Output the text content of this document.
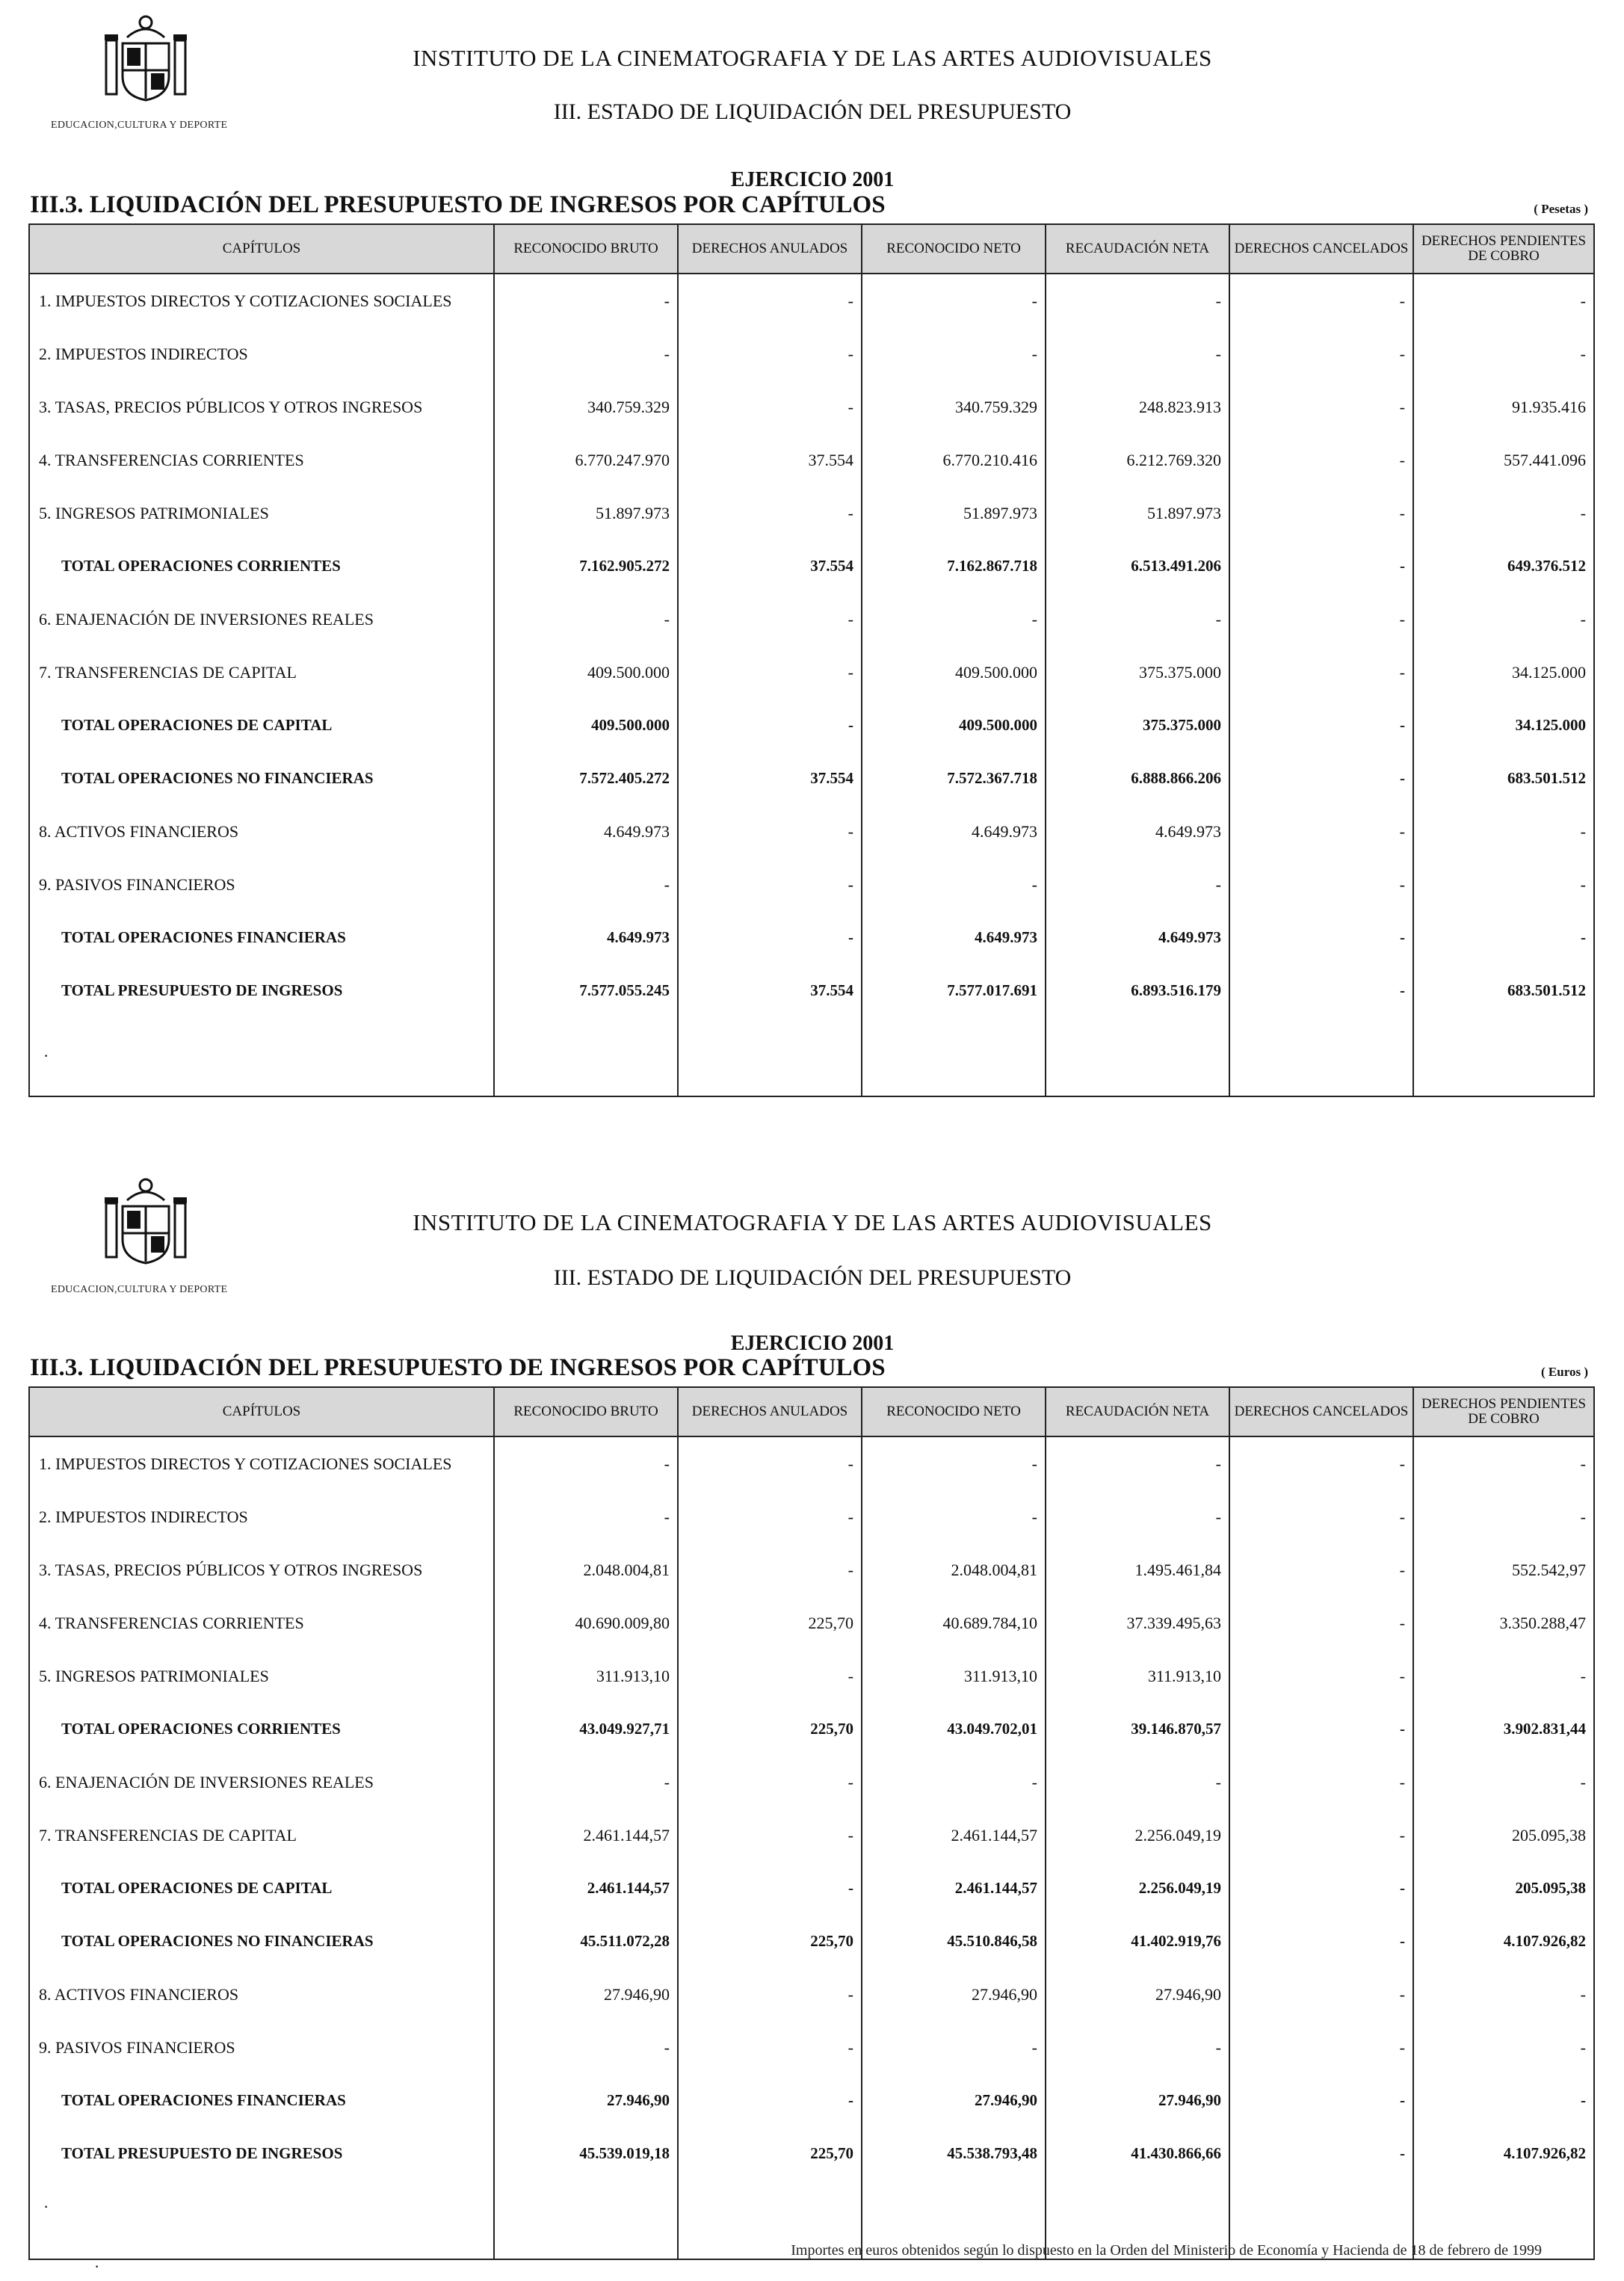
EDUCACION,CULTURA Y DEPORTE
INSTITUTO DE LA CINEMATOGRAFIA Y DE LAS ARTES AUDIOVISUALES
III. ESTADO DE LIQUIDACIÓN DEL PRESUPUESTO
EJERCICIO 2001
III.3. LIQUIDACIÓN DEL PRESUPUESTO DE INGRESOS POR CAPÍTULOS	( Pesetas )
CAPÍTULOS	RECONOCIDO BRUTO	DERECHOS ANULADOS	RECONOCIDO NETO	RECAUDACIÓN NETA	DERECHOS CANCELADOS	DERECHOS PENDIENTES DE COBRO
1. IMPUESTOS DIRECTOS Y COTIZACIONES SOCIALES	-	-	-	-	-	-
2. IMPUESTOS INDIRECTOS	-	-	-	-	-	-
3. TASAS, PRECIOS PÚBLICOS Y OTROS INGRESOS	340.759.329	-	340.759.329	248.823.913	-	91.935.416
4. TRANSFERENCIAS CORRIENTES	6.770.247.970	37.554	6.770.210.416	6.212.769.320	-	557.441.096
5. INGRESOS PATRIMONIALES	51.897.973	-	51.897.973	51.897.973	-	-
TOTAL OPERACIONES CORRIENTES	7.162.905.272	37.554	7.162.867.718	6.513.491.206	-	649.376.512
6. ENAJENACIÓN DE INVERSIONES REALES	-	-	-	-	-	-
7. TRANSFERENCIAS DE CAPITAL	409.500.000	-	409.500.000	375.375.000	-	34.125.000
TOTAL OPERACIONES DE CAPITAL	409.500.000	-	409.500.000	375.375.000	-	34.125.000
TOTAL OPERACIONES NO FINANCIERAS	7.572.405.272	37.554	7.572.367.718	6.888.866.206	-	683.501.512
8. ACTIVOS FINANCIEROS	4.649.973	-	4.649.973	4.649.973	-	-
9. PASIVOS FINANCIEROS	-	-	-	-	-	-
TOTAL OPERACIONES FINANCIERAS	4.649.973	-	4.649.973	4.649.973	-	-
TOTAL PRESUPUESTO DE INGRESOS	7.577.055.245	37.554	7.577.017.691	6.893.516.179	-	683.501.512

·
EDUCACION,CULTURA Y DEPORTE
INSTITUTO DE LA CINEMATOGRAFIA Y DE LAS ARTES AUDIOVISUALES
III. ESTADO DE LIQUIDACIÓN DEL PRESUPUESTO
EJERCICIO 2001
III.3. LIQUIDACIÓN DEL PRESUPUESTO DE INGRESOS POR CAPÍTULOS	( Euros )
CAPÍTULOS	RECONOCIDO BRUTO	DERECHOS ANULADOS	RECONOCIDO NETO	RECAUDACIÓN NETA	DERECHOS CANCELADOS	DERECHOS PENDIENTES DE COBRO
1. IMPUESTOS DIRECTOS Y COTIZACIONES SOCIALES	-	-	-	-	-	-
2. IMPUESTOS INDIRECTOS	-	-	-	-	-	-
3. TASAS, PRECIOS PÚBLICOS Y OTROS INGRESOS	2.048.004,81	-	2.048.004,81	1.495.461,84	-	552.542,97
4. TRANSFERENCIAS CORRIENTES	40.690.009,80	225,70	40.689.784,10	37.339.495,63	-	3.350.288,47
5. INGRESOS PATRIMONIALES	311.913,10	-	311.913,10	311.913,10	-	-
TOTAL OPERACIONES CORRIENTES	43.049.927,71	225,70	43.049.702,01	39.146.870,57	-	3.902.831,44
6. ENAJENACIÓN DE INVERSIONES REALES	-	-	-	-	-	-
7. TRANSFERENCIAS DE CAPITAL	2.461.144,57	-	2.461.144,57	2.256.049,19	-	205.095,38
TOTAL OPERACIONES DE CAPITAL	2.461.144,57	-	2.461.144,57	2.256.049,19	-	205.095,38
TOTAL OPERACIONES NO FINANCIERAS	45.511.072,28	225,70	45.510.846,58	41.402.919,76	-	4.107.926,82
8. ACTIVOS FINANCIEROS	27.946,90	-	27.946,90	27.946,90	-	-
9. PASIVOS FINANCIEROS	-	-	-	-	-	-
TOTAL OPERACIONES FINANCIERAS	27.946,90	-	27.946,90	27.946,90	-	-
TOTAL PRESUPUESTO DE INGRESOS	45.539.019,18	225,70	45.538.793,48	41.430.866,66	-	4.107.926,82

·
Importes en euros obtenidos según lo dispuesto en la Orden del Ministerio de Economía y Hacienda de 18 de febrero de 1999
·
